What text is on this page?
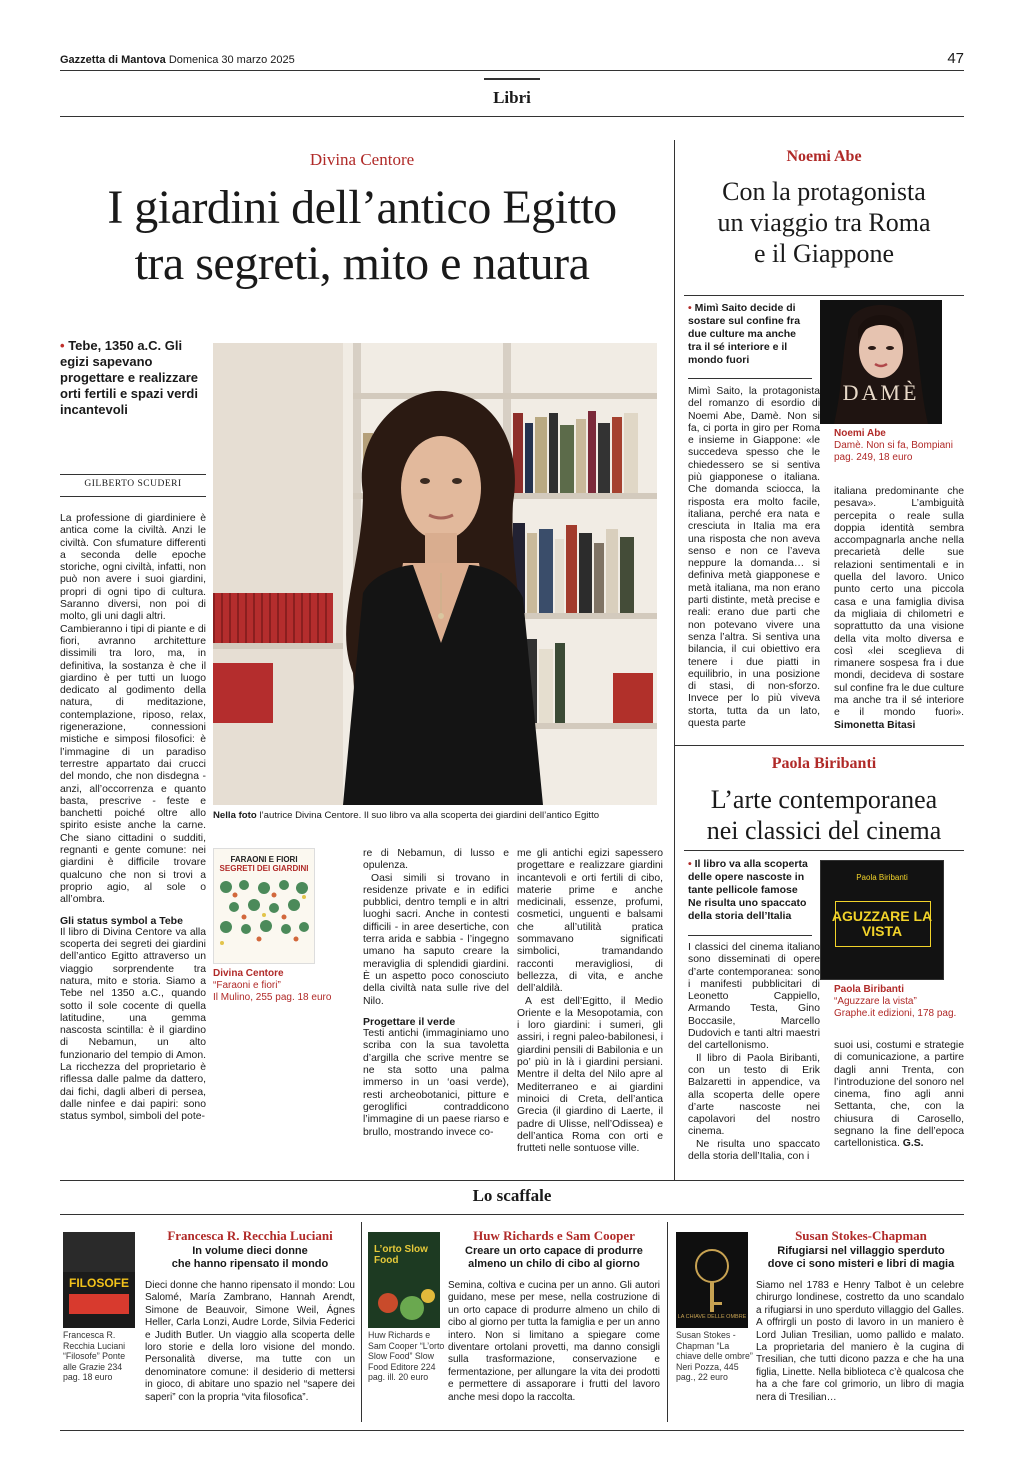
Gazzetta di Mantova Domenica 30 marzo 2025	47
Libri
Divina Centore
I giardini dell’antico Egitto
tra segreti, mito e natura
• Tebe, 1350 a.C. Gli egizi sapevano progettare e realizzare orti fertili e spazi verdi incantevoli
GILBERTO SCUDERI
Nella foto l’autrice Divina Centore. Il suo libro va alla scoperta dei giardini dell’antico Egitto

La professione di giardiniere è antica come la civiltà. Anzi le civiltà. Con sfumature differenti a seconda delle epoche storiche, ogni civiltà, infatti, non può non avere i suoi giardini, propri di ogni tipo di cultura. Saranno diversi, non poi di molto, gli uni dagli altri.

Cambieranno i tipi di piante e di fiori, avranno architetture dissimili tra loro, ma, in definitiva, la sostanza è che il giardino è per tutti un luogo dedicato al godimento della natura, di meditazione, contemplazione, riposo, relax, rigenerazione, connessioni mistiche e simposi filosofici: è l’immagine di un paradiso terrestre appartato dai crucci del mondo, che non disdegna - anzi, all’occorrenza e quanto basta, prescrive - feste e banchetti poiché oltre allo spirito esiste anche la carne. Che siano cittadini o sudditi, regnanti e gente comune: nei giardini è difficile trovare qualcuno che non si trovi a proprio agio, al sole o all’ombra.

Gli status symbol a Tebe

Il libro di Divina Centore va alla scoperta dei segreti dei giardini dell’antico Egitto attraverso un viaggio sorprendente tra natura, mito e storia. Siamo a Tebe nel 1350 a.C., quando sotto il sole cocente di quella latitudine, una gemma nascosta scintilla: è il giardino di Nebamun, un alto funzionario del tempio di Amon. La ricchezza del proprietario è riflessa dalle palme da dattero, dai fichi, dagli alberi di persea, dalle ninfee e dai papiri: sono status symbol, simboli del pote-

FARAONI E FIORI
SEGRETI DEI GIARDINI
Divina Centore
“Faraoni e fiori”
Il Mulino, 255 pag. 18 euro

re di Nebamun, di lusso e opulenza.

Oasi simili si trovano in residenze private e in edifici pubblici, dentro templi e in altri luoghi sacri. Anche in contesti difficili - in aree desertiche, con terra arida e sabbia - l’ingegno umano ha saputo creare la meraviglia di splendidi giardini. È un aspetto poco conosciuto della civiltà nata sulle rive del Nilo.

Progettare il verde

Testi antichi (immaginiamo uno scriba con la sua tavoletta d’argilla che scrive mentre se ne sta sotto una palma immerso in un ‘oasi verde), resti archeobotanici, pitture e geroglifici contraddicono l’immagine di un paese riarso e brullo, mostrando invece co-

me gli antichi egizi sapessero progettare e realizzare giardini incantevoli e orti fertili di cibo, materie prime e anche medicinali, essenze, profumi, cosmetici, unguenti e balsami che all’utilità pratica sommavano significati simbolici, tramandando racconti meravigliosi, di bellezza, di vita, e anche dell’aldilà.

A est dell’Egitto, il Medio Oriente e la Mesopotamia, con i loro giardini: i sumeri, gli assiri, i regni paleo-babilonesi, i giardini pensili di Babilonia e un po’ più in là i giardini persiani. Mentre il delta del Nilo apre al Mediterraneo e ai giardini minoici di Creta, dell’antica Grecia (il giardino di Laerte, il padre di Ulisse, nell’Odissea) e dell’antica Roma con orti e frutteti nelle sontuose ville.

Noemi Abe
Con la protagonista
un viaggio tra Roma
e il Giappone
• Mimì Saito decide di sostare sul confine fra due culture ma anche tra il sé interiore e il mondo fuori
DAMÈ
Noemi Abe
Damè. Non si fa, Bompiani
pag. 249, 18 euro

Mimì Saito, la protagonista del romanzo di esordio di Noemi Abe, Damè. Non si fa, ci porta in giro per Roma e insieme in Giappone: «le succedeva spesso che le chiedessero se si sentiva più giapponese o italiana. Che domanda sciocca, la risposta era molto facile, italiana, perché era nata e cresciuta in Italia ma era una risposta che non aveva senso e non ce l’aveva neppure la domanda… si definiva metà giapponese e metà italiana, ma non erano parti distinte, metà precise e reali: erano due parti che non potevano vivere una senza l’altra. Si sentiva una bilancia, il cui obiettivo era tenere i due piatti in equilibrio, in una posizione di stasi, di non-sforzo. Invece per lo più viveva storta, tutta da un lato, questa parte

italiana predominante che pesava». L’ambiguità percepita o reale sulla doppia identità sembra accompagnarla anche nella precarietà delle sue relazioni sentimentali e in quella del lavoro. Unico punto certo una piccola casa e una famiglia divisa da migliaia di chilometri e soprattutto da una visione della vita molto diversa e così «lei sceglieva di rimanere sospesa fra i due mondi, decideva di sostare sul confine fra le due culture ma anche tra il sé interiore e il mondo fuori». Simonetta Bitasi

Paola Biribanti
L’arte contemporanea
nei classici del cinema
• Il libro va alla scoperta delle opere nascoste in tante pellicole famose Ne risulta uno spaccato della storia dell’Italia
Paola Biribanti
AGUZZARE LA VISTA
Paola Biribanti
“Aguzzare la vista”
Graphe.it edizioni, 178 pag.

I classici del cinema italiano sono disseminati di opere d’arte contemporanea: sono i manifesti pubblicitari di Leonetto Cappiello, Armando Testa, Gino Boccasile, Marcello Dudovich e tanti altri maestri del cartellonismo.

Il libro di Paola Biribanti, con un testo di Erik Balzaretti in appendice, va alla scoperta delle opere d’arte nascoste nei capolavori del nostro cinema.

Ne risulta uno spaccato della storia dell’Italia, con i

suoi usi, costumi e strategie di comunicazione, a partire dagli anni Trenta, con l’introduzione del sonoro nel cinema, fino agli anni Settanta, che, con la chiusura di Carosello, segnano la fine dell’epoca cartellonistica. G.S.

Lo scaffale
FILOSOFE
Francesca R. Recchia Luciani “Filosofe” Ponte alle Grazie 234 pag. 18 euro
Francesca R. Recchia Luciani
In volume dieci donne
che hanno ripensato il mondo
Dieci donne che hanno ripensato il mondo: Lou Salomé, María Zambrano, Hannah Arendt, Simone de Beauvoir, Simone Weil, Ágnes Heller, Carla Lonzi, Audre Lorde, Silvia Federici e Judith Butler. Un viaggio alla scoperta delle loro storie e della loro visione del mondo. Personalità diverse, ma tutte con un denominatore comune: il desiderio di mettersi in gioco, di abitare uno spazio nel “sapere dei saperi” con la propria “vita filosofica”.
L’orto Slow Food
Huw Richards e Sam Cooper “L’orto Slow Food” Slow Food Editore 224 pag. ill. 20 euro
Huw Richards e Sam Cooper
Creare un orto capace di produrre
almeno un chilo di cibo al giorno
Semina, coltiva e cucina per un anno. Gli autori guidano, mese per mese, nella costruzione di un orto capace di produrre almeno un chilo di cibo al giorno per tutta la famiglia e per un anno intero. Non si limitano a spiegare come diventare ortolani provetti, ma danno consigli sulla trasformazione, conservazione e fermentazione, per allungare la vita dei prodotti e permettere di assaporare i frutti del lavoro anche mesi dopo la raccolta.
LA CHIAVE DELLE OMBRE
Susan Stokes -Chapman “La chiave delle ombre” Neri Pozza, 445 pag., 22 euro
Susan Stokes-Chapman
Rifugiarsi nel villaggio sperduto
dove ci sono misteri e libri di magia
Siamo nel 1783 e Henry Talbot è un celebre chirurgo londinese, costretto da uno scandalo a rifugiarsi in uno sperduto villaggio del Galles. A offrirgli un posto di lavoro in un maniero è Lord Julian Tresilian, uomo pallido e malato. La proprietaria del maniero è la cugina di Tresilian, che tutti dicono pazza e che ha una figlia, Linette. Nella biblioteca c’è qualcosa che ha a che fare col grimorio, un libro di magia nera di Tresilian…
